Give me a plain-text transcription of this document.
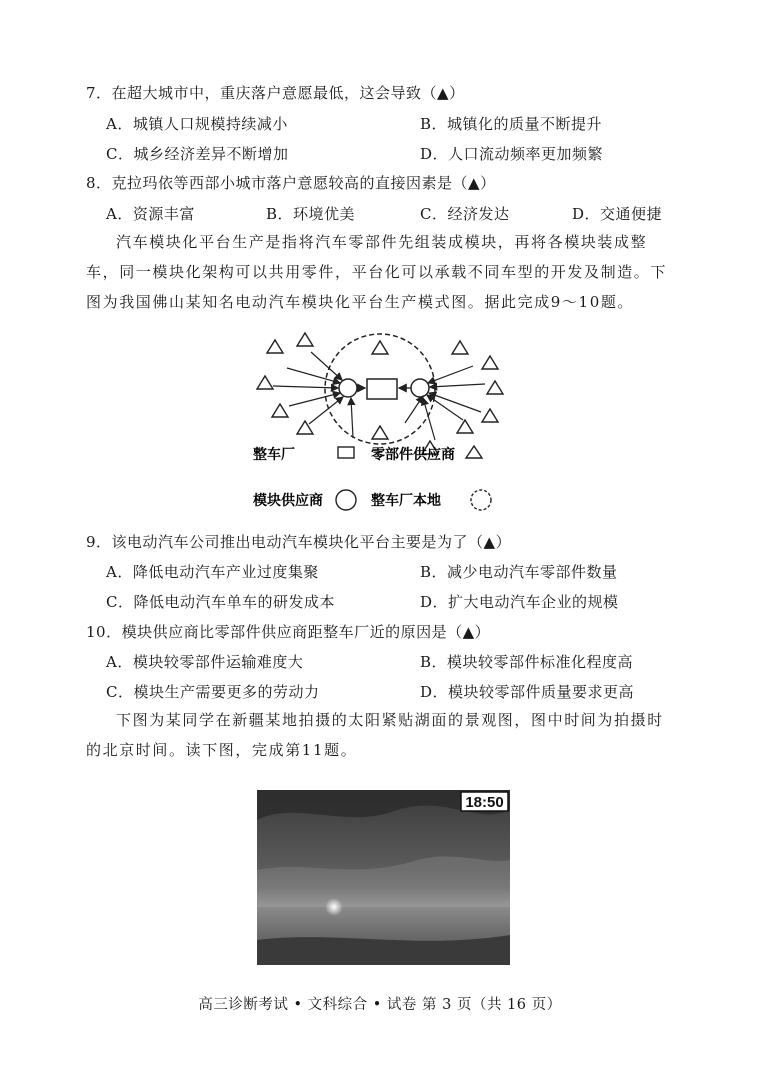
7．在超大城市中，重庆落户意愿最低，这会导致（▲）
A．城镇人口规模持续减小	B．城镇化的质量不断提升
C．城乡经济差异不断增加	D．人口流动频率更加频繁
8．克拉玛依等西部小城市落户意愿较高的直接因素是（▲）
A．资源丰富	B．环境优美	C．经济发达	D．交通便捷
汽车模块化平台生产是指将汽车零部件先组装成模块，再将各模块装成整车，同一模块化架构可以共用零件，平台化可以承载不同车型的开发及制造。下图为我国佛山某知名电动汽车模块化平台生产模式图。据此完成9～10题。
整车厂	零部件供应商
模块供应商	整车厂本地
9．该电动汽车公司推出电动汽车模块化平台主要是为了（▲）
A．降低电动汽车产业过度集聚	B．减少电动汽车零部件数量
C．降低电动汽车单车的研发成本	D．扩大电动汽车企业的规模
10．模块供应商比零部件供应商距整车厂近的原因是（▲）
A．模块较零部件运输难度大	B．模块较零部件标准化程度高
C．模块生产需要更多的劳动力	D．模块较零部件质量要求更高
下图为某同学在新疆某地拍摄的太阳紧贴湖面的景观图，图中时间为拍摄时的北京时间。读下图，完成第11题。
18:50
高三诊断考试 • 文科综合 • 试卷 第 3 页（共 16 页）
